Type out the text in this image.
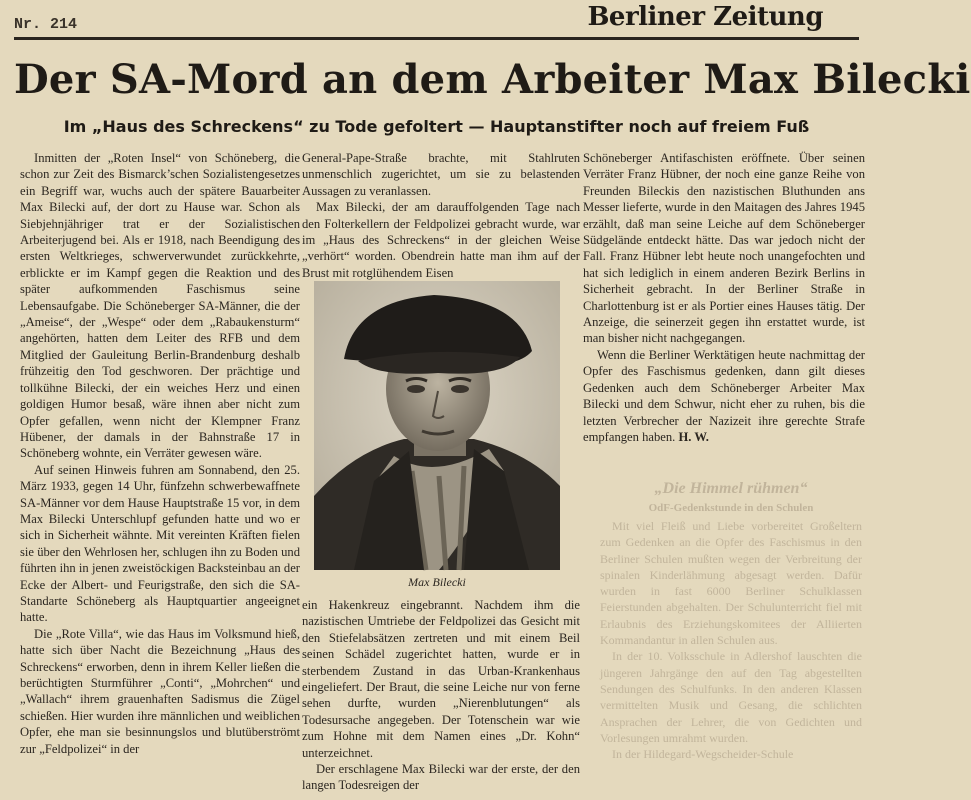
Nr. 214	Berliner Zeitung
Der SA-Mord an dem Arbeiter Max Bilecki
Im „Haus des Schreckens“ zu Tode gefoltert — Hauptanstifter noch auf freiem Fuß

Inmitten der „Roten Insel“ von Schöneberg, die schon zur Zeit des Bismarck’schen Sozialistengesetzes ein Begriff war, wuchs auch der spätere Bauarbeiter Max Bilecki auf, der dort zu Hause war. Schon als Siebjehnjähriger trat er der Sozialistischen Arbeiterjugend bei. Als er 1918, nach Beendigung des ersten Weltkrieges, schwerverwundet zurückkehrte, erblickte er im Kampf gegen die Reaktion und des später aufkommenden Faschismus seine Lebensaufgabe. Die Schöneberger SA-Männer, die der „Ameise“, der „Wespe“ oder dem „Rabaukensturm“ angehörten, hatten dem Leiter des RFB und dem Mitglied der Gauleitung Berlin-Brandenburg deshalb frühzeitig den Tod geschworen. Der prächtige und tollkühne Bilecki, der ein weiches Herz und einen goldigen Humor besaß, wäre ihnen aber nicht zum Opfer gefallen, wenn nicht der Klempner Franz Hübener, der damals in der Bahnstraße 17 in Schöneberg wohnte, ein Verräter gewesen wäre.

Auf seinen Hinweis fuhren am Sonnabend, den 25. März 1933, gegen 14 Uhr, fünfzehn schwerbewaffnete SA-Männer vor dem Hause Hauptstraße 15 vor, in dem Max Bilecki Unterschlupf gefunden hatte und wo er sich in Sicherheit wähnte. Mit vereinten Kräften fielen sie über den Wehrlosen her, schlugen ihn zu Boden und führten ihn in jenen zweistöckigen Backsteinbau an der Ecke der Albert- und Feurigstraße, den sich die SA-Standarte Schöneberg als Hauptquartier angeeignet hatte.

Die „Rote Villa“, wie das Haus im Volksmund hieß, hatte sich über Nacht die Bezeichnung „Haus des Schreckens“ erworben, denn in ihrem Keller ließen die berüchtigten Sturmführer „Conti“, „Mohrchen“ und „Wallach“ ihrem grauenhaften Sadismus die Zügel schießen. Hier wurden ihre männlichen und weiblichen Opfer, ehe man sie besinnungslos und blutüberströmt zur „Feldpolizei“ in der

General-Pape-Straße brachte, mit Stahlruten unmenschlich zugerichtet, um sie zu belastenden Aussagen zu veranlassen.

Max Bilecki, der am darauffolgenden Tage nach den Folterkellern der Feldpolizei gebracht wurde, war im „Haus des Schreckens“ in der gleichen Weise „verhört“ worden. Obendrein hatte man ihm auf der Brust mit rotglühendem Eisen

Max Bilecki

ein Hakenkreuz eingebrannt. Nachdem ihm die nazistischen Umtriebe der Feldpolizei das Gesicht mit den Stiefelabsätzen zertreten und mit einem Beil seinen Schädel zugerichtet hatten, wurde er in sterbendem Zustand in das Urban-Krankenhaus eingeliefert. Der Braut, die seine Leiche nur von ferne sehen durfte, wurden „Nierenblutungen“ als Todesursache angegeben. Der Totenschein war wie zum Hohne mit dem Namen eines „Dr. Kohn“ unterzeichnet.

Der erschlagene Max Bilecki war der erste, der den langen Todesreigen der

Schöneberger Antifaschisten eröffnete. Über seinen Verräter Franz Hübner, der noch eine ganze Reihe von Freunden Bileckis den nazistischen Bluthunden ans Messer lieferte, wurde in den Maitagen des Jahres 1945 erzählt, daß man seine Leiche auf dem Schöneberger Südgelände entdeckt hätte. Das war jedoch nicht der Fall. Franz Hübner lebt heute noch unangefochten und hat sich lediglich in einem anderen Bezirk Berlins in Sicherheit gebracht. In der Berliner Straße in Charlottenburg ist er als Portier eines Hauses tätig. Der Anzeige, die seinerzeit gegen ihn erstattet wurde, ist man bisher nicht nachgegangen.

Wenn die Berliner Werktätigen heute nachmittag der Opfer des Faschismus gedenken, dann gilt dieses Gedenken auch dem Schöneberger Arbeiter Max Bilecki und dem Schwur, nicht eher zu ruhen, bis die letzten Verbrecher der Nazizeit ihre gerechte Strafe empfangen haben. H. W.

„Die Himmel rühmen“
OdF-Gedenkstunde in den Schulen

Mit viel Fleiß und Liebe vorbereitet Großeltern zum Gedenken an die Opfer des Faschismus in den Berliner Schulen mußten wegen der Verbreitung der spinalen Kinderlähmung abgesagt werden. Dafür wurden in fast 6000 Berliner Schulklassen Feierstunden abgehalten. Der Schulunterricht fiel mit Erlaubnis des Erziehungskomitees der Alliierten Kommandantur in allen Schulen aus.

In der 10. Volksschule in Adlershof lauschten die jüngeren Jahrgänge den auf den Tag abgestellten Sendungen des Schulfunks. In den anderen Klassen vermittelten Musik und Gesang, die schlichten Ansprachen der Lehrer, die von Gedichten und Vorlesungen umrahmt wurden.

In der Hildegard-Wegscheider-Schule
